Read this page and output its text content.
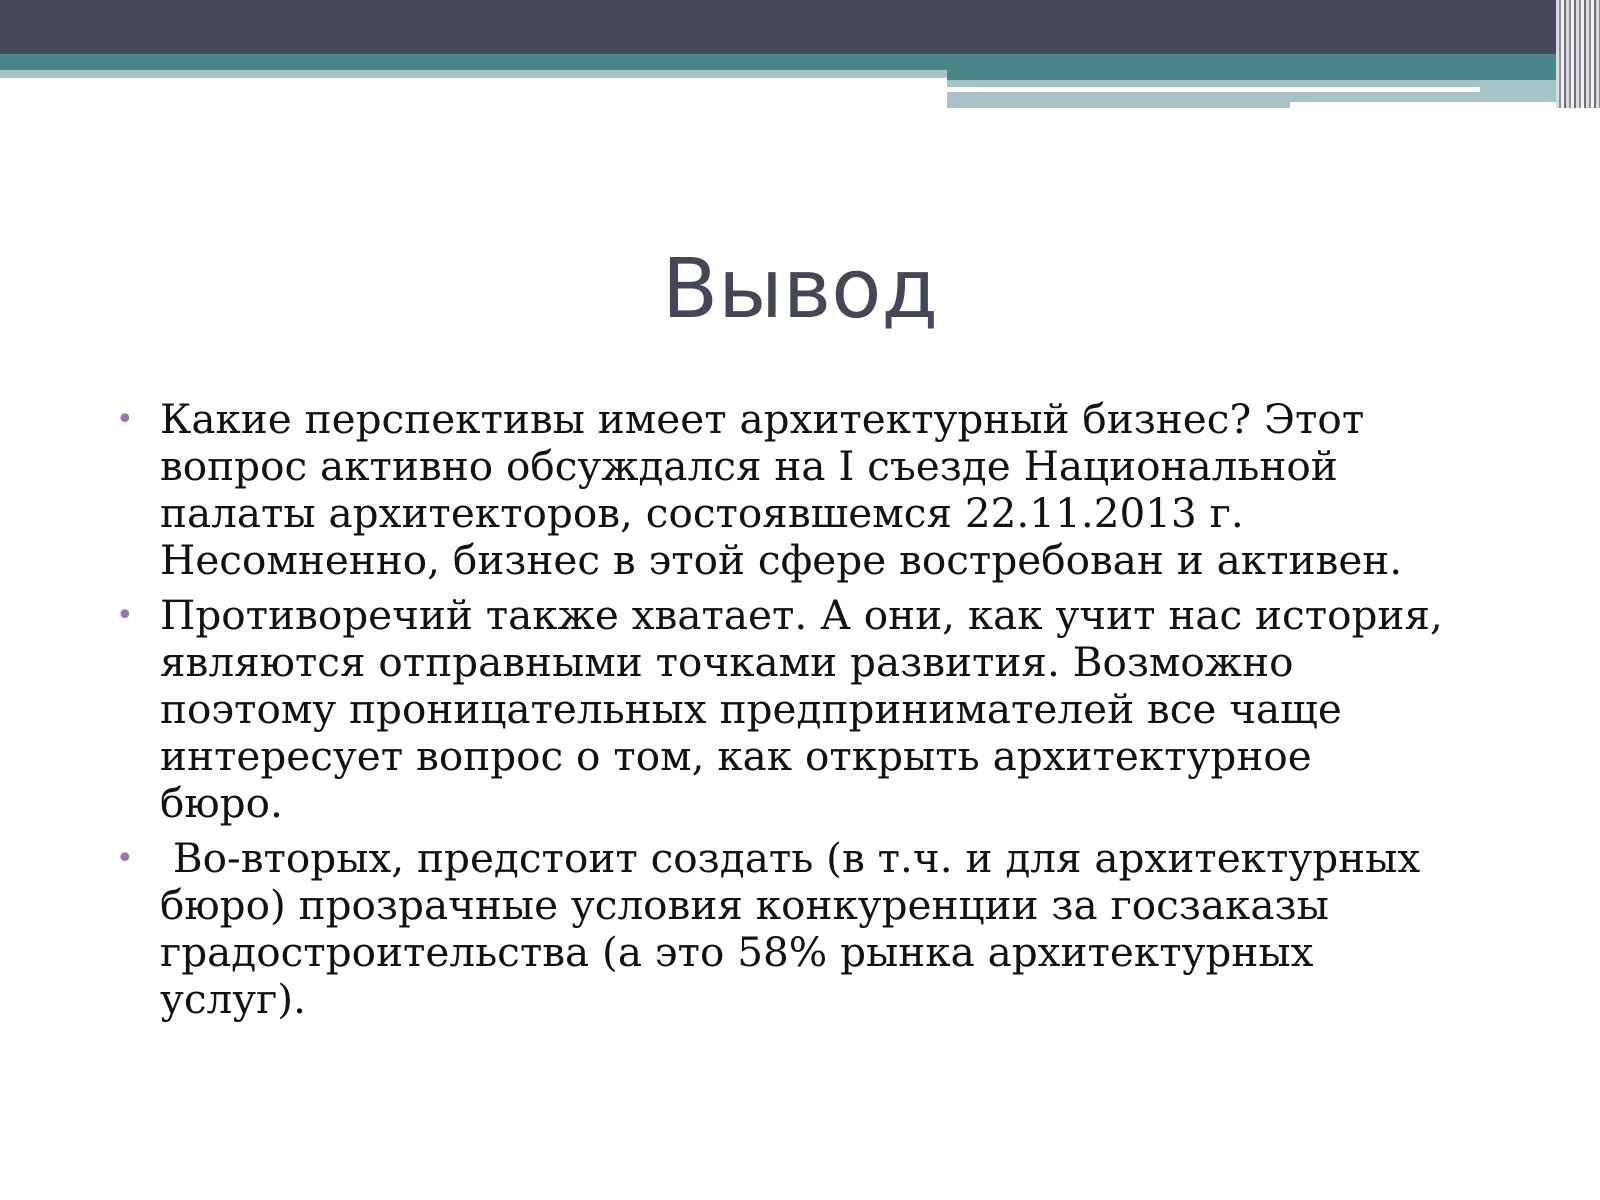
Вывод
• Какие перспективы имеет архитектурный бизнес? Этот
вопрос активно обсуждался на I съезде Национальной
палаты архитекторов, состоявшемся 22.11.2013 г.
Несомненно, бизнес в этой сфере востребован и активен.
• Противоречий также хватает. А они, как учит нас история,
являются отправными точками развития. Возможно
поэтому проницательных предпринимателей все чаще
интересует вопрос о том, как открыть архитектурное
бюро.
• Во-вторых, предстоит создать (в т.ч. и для архитектурных
бюро) прозрачные условия конкуренции за госзаказы
градостроительства (а это 58% рынка архитектурных
услуг).
